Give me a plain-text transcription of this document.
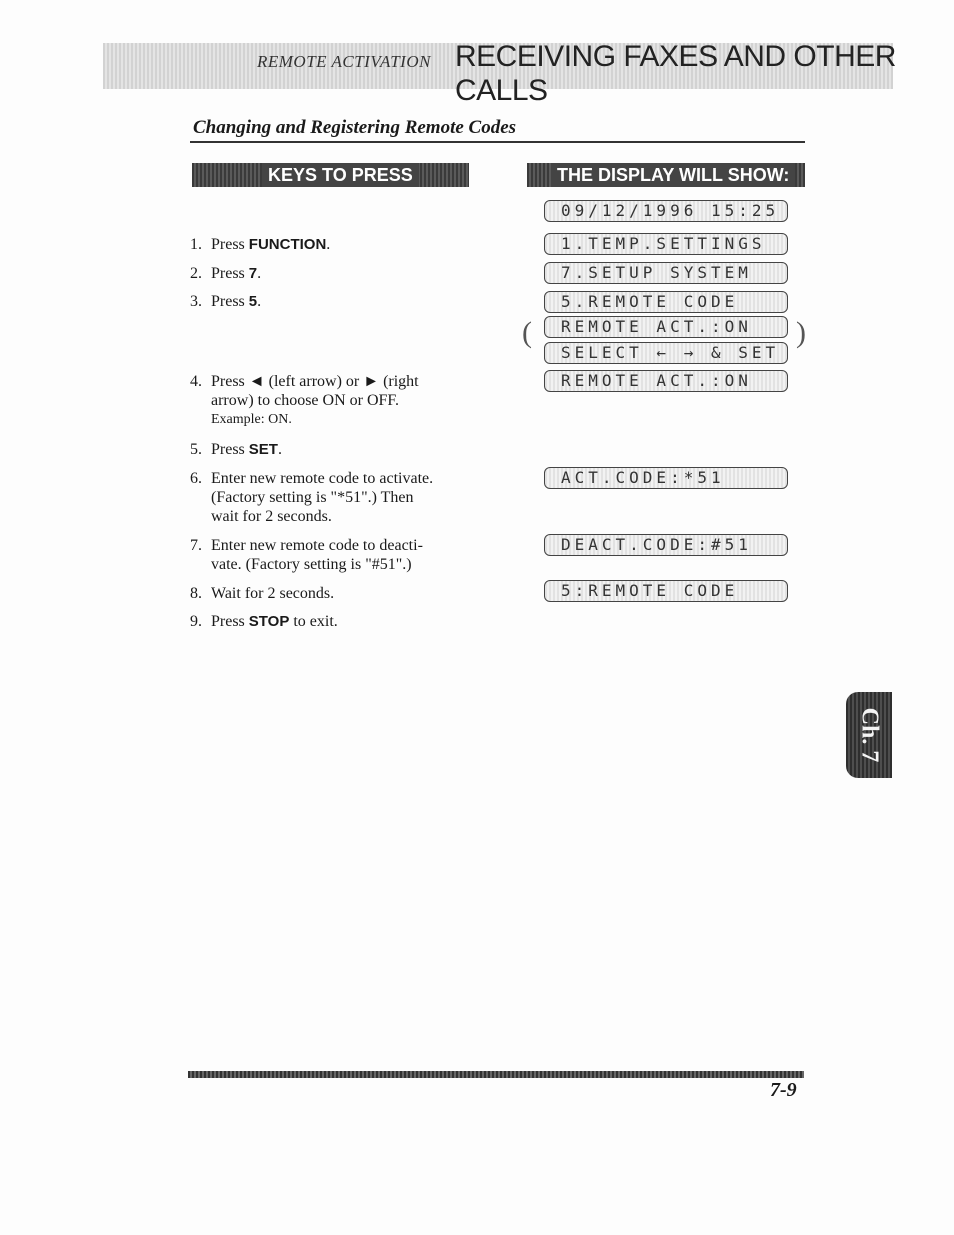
REMOTE ACTIVATION RECEIVING FAXES AND OTHER CALLS
Changing and Registering Remote Codes
KEYS TO PRESS	THE DISPLAY WILL SHOW:
1. Press FUNCTION.
2. Press 7.
3. Press 5.
4. Press ◄ (left arrow) or ► (right
arrow) to choose ON or OFF.
Example: ON.
5. Press SET.
6. Enter new remote code to activate.
(Factory setting is "*51".) Then
wait for 2 seconds.
7. Enter new remote code to deacti-
vate. (Factory setting is "#51".)
8. Wait for 2 seconds.
9. Press STOP to exit.
09/12/1996 15:25
1.TEMP.SETTINGS
7.SETUP SYSTEM
5.REMOTE CODE
REMOTE ACT.:ON
SELECT ← → & SET
(	)
REMOTE ACT.:ON
ACT.CODE:*51
DEACT.CODE:#51
5:REMOTE CODE
Ch. 7
7-9
